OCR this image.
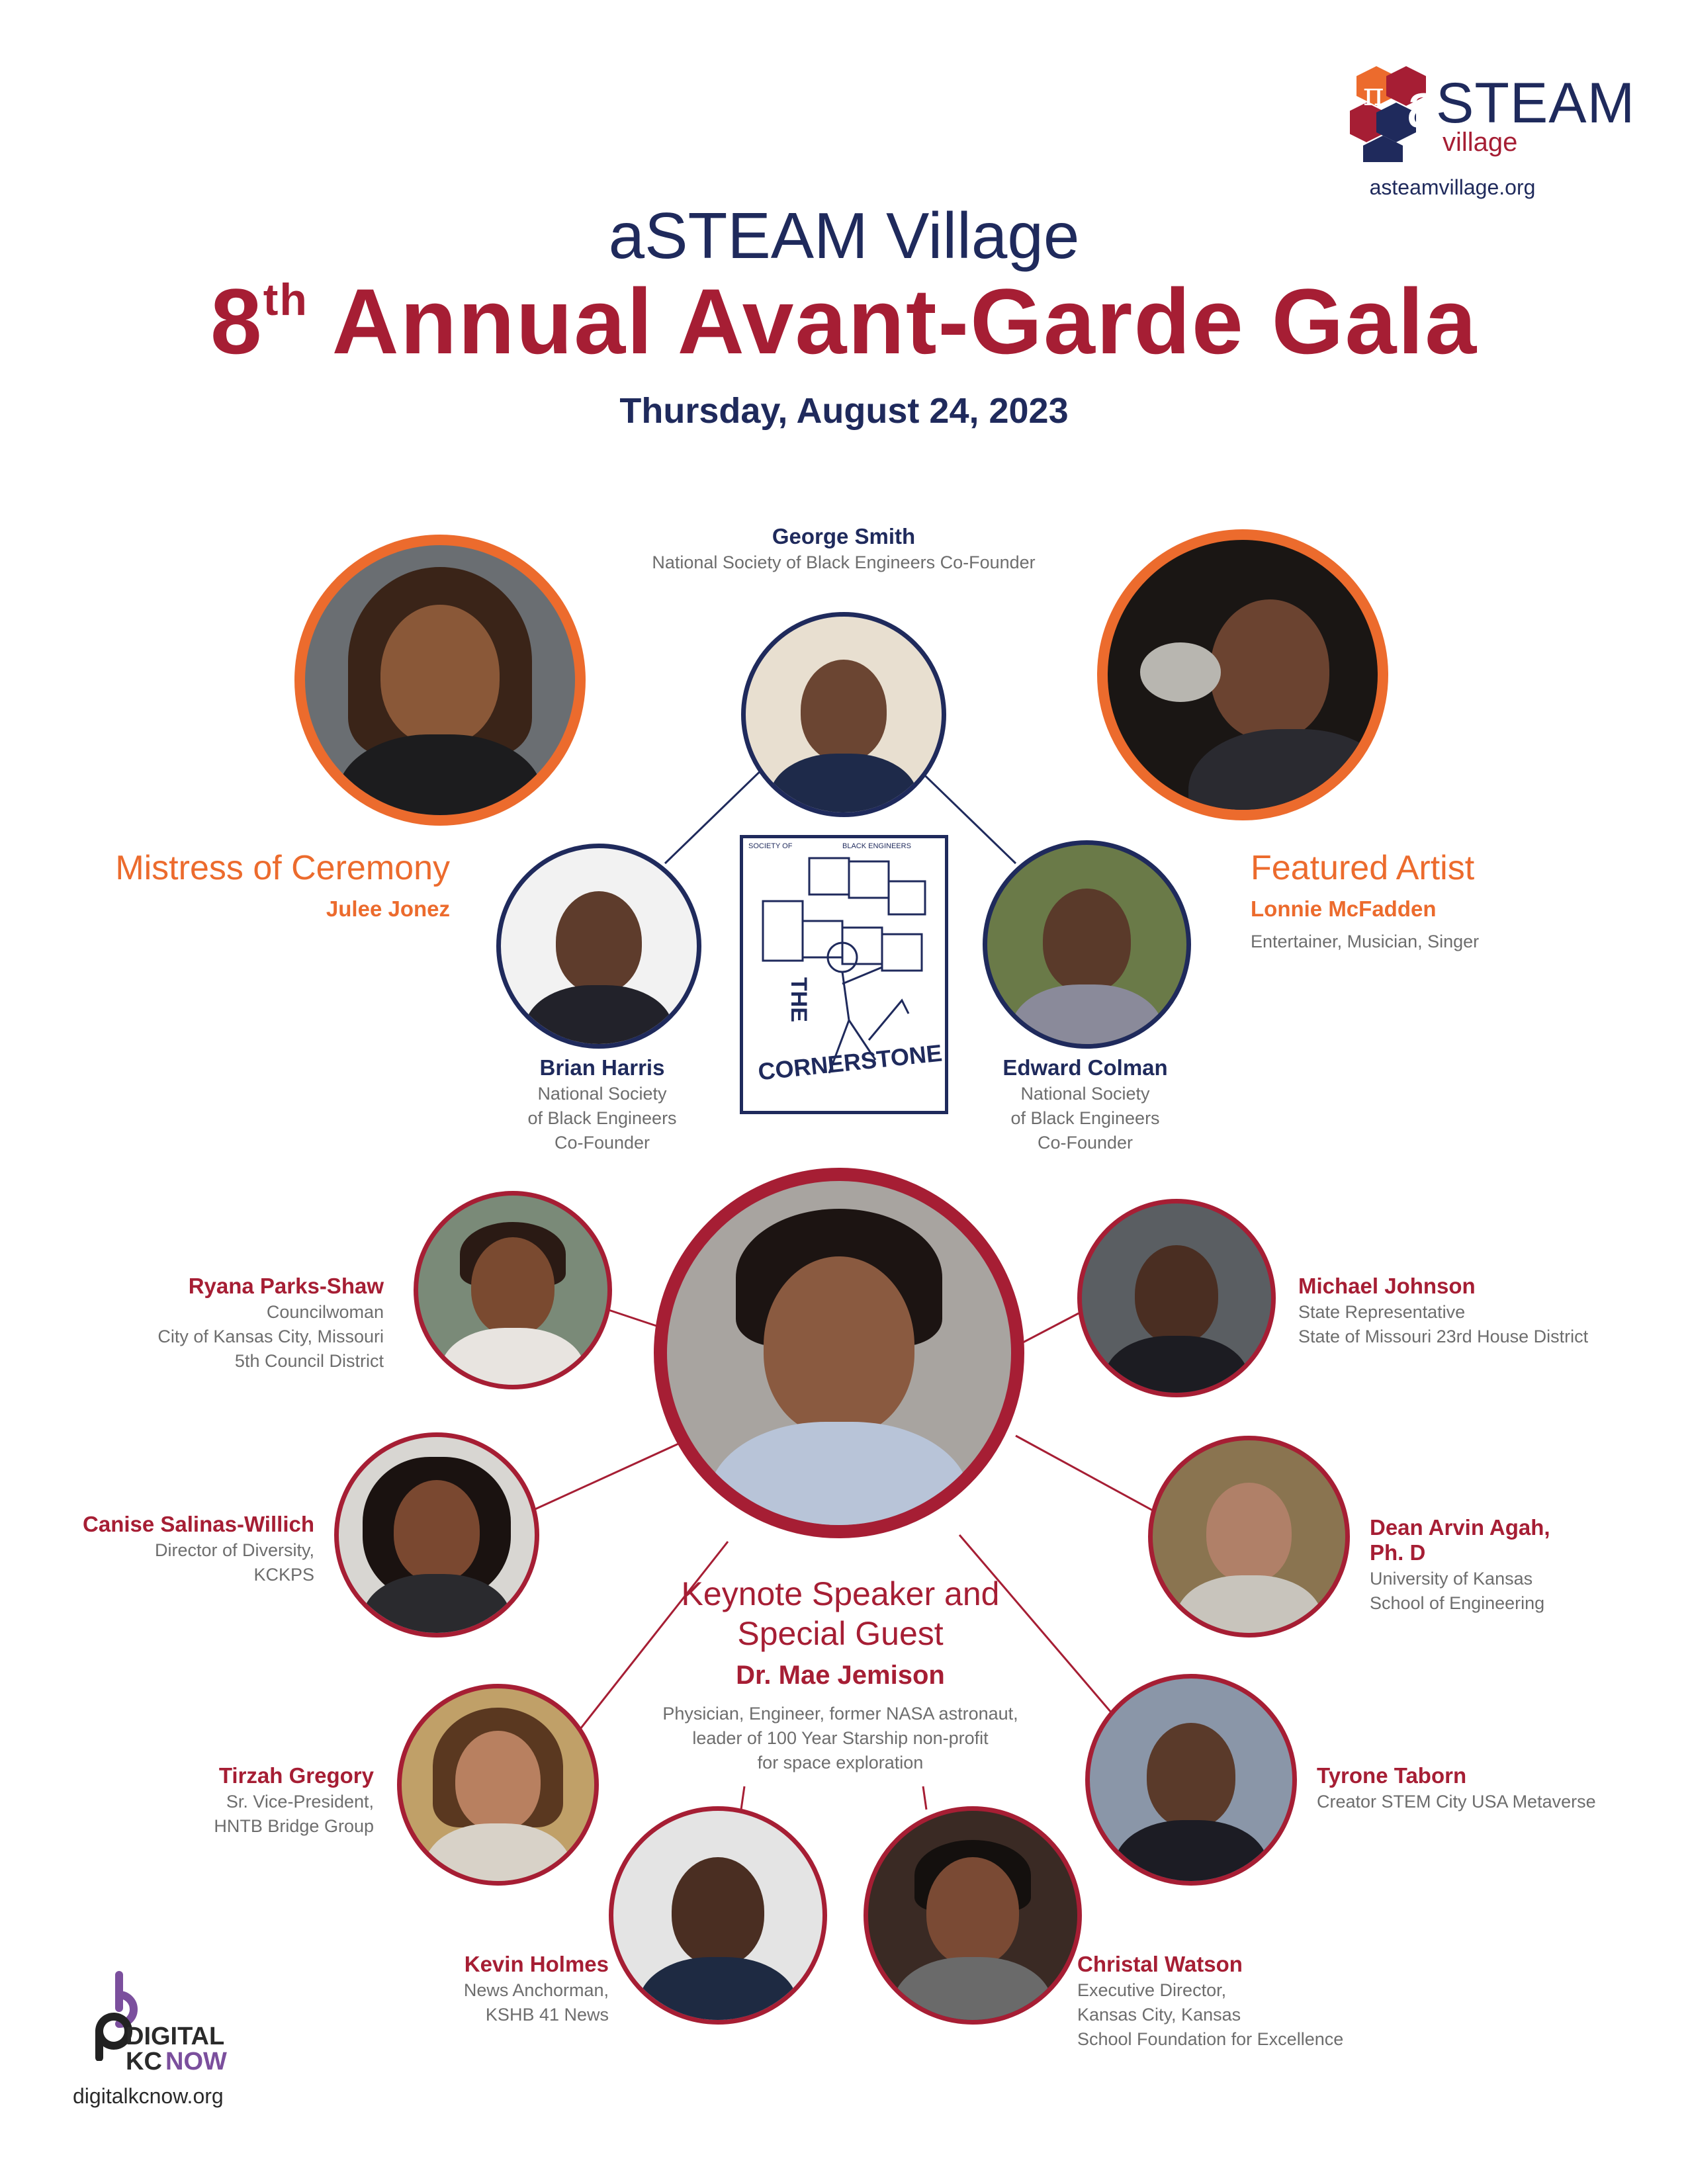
π a
STEAM
village
asteamvillage.org
aSTEAM Village
8th Annual Avant-Garde Gala
Thursday, August 24, 2023
George Smith
National Society of Black Engineers Co-Founder
Mistress of Ceremony
Julee Jonez
Featured Artist
Lonnie McFadden
Entertainer, Musician, Singer
SOCIETY OF	BLACK ENGINEERS
THE
CORNERSTONE
Brian Harris
National Society
of Black Engineers
Co-Founder
Edward Colman
National Society
of Black Engineers
Co-Founder
Keynote Speaker and
Special Guest
Dr. Mae Jemison
Physician, Engineer, former NASA astronaut,
leader of 100 Year Starship non-profit
for space exploration
Ryana Parks-Shaw
Councilwoman
City of Kansas City, Missouri
5th Council District
Michael Johnson
State Representative
State of Missouri 23rd House District
Canise Salinas-Willich
Director of Diversity,
KCKPS
Dean Arvin Agah,
Ph. D
University of Kansas
School of Engineering
Tirzah Gregory
Sr. Vice-President,
HNTB Bridge Group
Tyrone Taborn
Creator STEM City USA Metaverse
Kevin Holmes
News Anchorman,
KSHB 41 News
Christal Watson
Executive Director,
Kansas City, Kansas
School Foundation for Excellence
DIGITAL
KC NOW
digitalkcnow.org
